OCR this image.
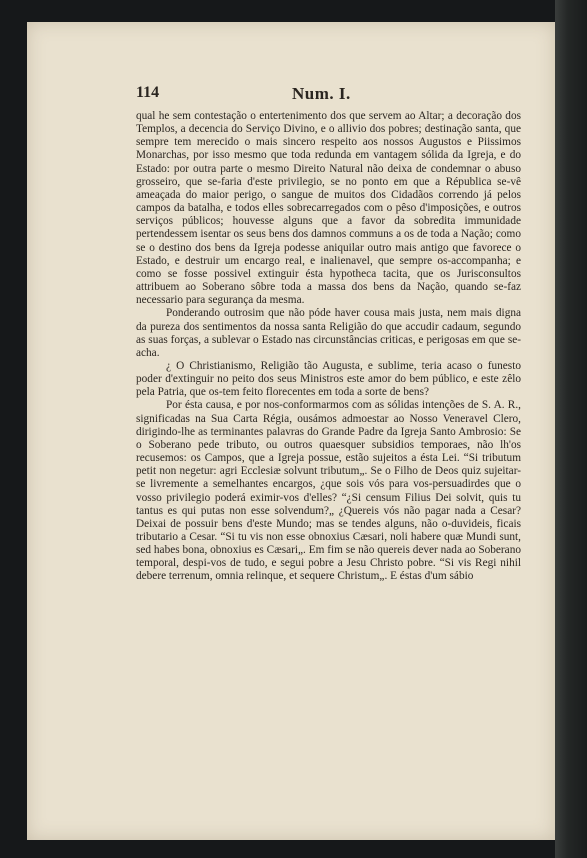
114	Num. I.

qual he sem contestação o entertenimento dos que servem ao Altar; a decoração dos Templos, a decencia do Serviço Divino, e o allivio dos pobres; destinação santa, que sempre tem merecido o mais sincero respeito aos nossos Augustos e Piissimos Monarchas, por isso mesmo que toda redunda em vantagem sólida da Igreja, e do Estado: por outra parte o mesmo Direito Natural não deixa de condemnar o abuso grosseiro, que se-faria d'este privilegio, se no ponto em que a Républica se-vê ameaçada do maior perigo, o sangue de muitos dos Cidadãos correndo já pelos campos da batalha, e todos elles sobrecarregados com o pêso d'imposições, e outros serviços públicos; houvesse alguns que a favor da sobredita immunidade pertendessem isentar os seus bens dos damnos communs a os de toda a Nação; como se o destino dos bens da Igreja podesse aniquilar outro mais antigo que favorece o Estado, e destruir um encargo real, e inalienavel, que sempre os-accompanha; e como se fosse possivel extinguir ésta hypotheca tacita, que os Jurisconsultos attribuem ao Soberano sôbre toda a massa dos bens da Nação, quando se-faz necessario para segurança da mesma.

Ponderando outrosim que não póde haver cousa mais justa, nem mais digna da pureza dos sentimentos da nossa santa Religião do que accudir cadaum, segundo as suas forças, a sublevar o Estado nas circunstâncias criticas, e perigosas em que se-acha.

¿ O Christianismo, Religião tão Augusta, e sublime, teria acaso o funesto poder d'extinguir no peito dos seus Ministros este amor do bem público, e este zêlo pela Patria, que os-tem feito florecentes em toda a sorte de bens?

Por ésta causa, e por nos-conformarmos com as sólidas intenções de S. A. R., significadas na Sua Carta Régia, ousámos admoestar ao Nosso Veneravel Clero, dirigindo-lhe as terminantes palavras do Grande Padre da Igreja Santo Ambrosio: Se o Soberano pede tributo, ou outros quaesquer subsidios temporaes, não lh'os recusemos: os Campos, que a Igreja possue, estão sujeitos a ésta Lei. “Si tributum petit non negetur: agri Ecclesiæ solvunt tributum„. Se o Filho de Deos quiz sujeitar-se livremente a semelhantes encargos, ¿que sois vós para vos-persuadirdes que o vosso privilegio poderá eximir-vos d'elles? “¿Si censum Filius Dei solvit, quis tu tantus es qui putas non esse solvendum?„ ¿Quereis vós não pagar nada a Cesar? Deixai de possuir bens d'este Mundo; mas se tendes alguns, não o-duvideis, ficais tributario a Cesar. “Si tu vis non esse obnoxius Cæsari, noli habere quæ Mundi sunt, sed habes bona, obnoxius es Cæsari„. Em fim se não quereis dever nada ao Soberano temporal, despi-vos de tudo, e segui pobre a Jesu Christo pobre. “Si vis Regi nihil debere terrenum, omnia relinque, et sequere Christum„. E éstas d'um sábio
